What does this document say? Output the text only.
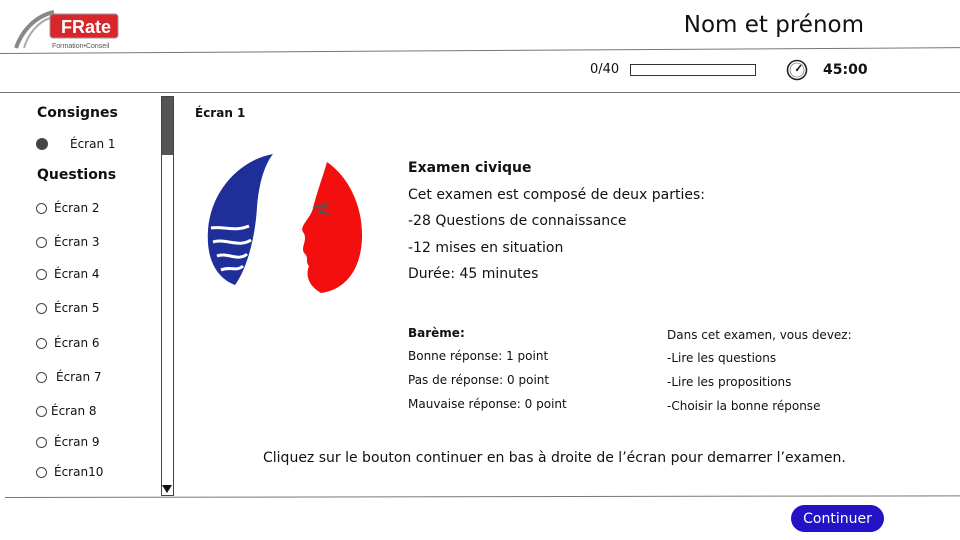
FRate
Formation•Conseil
Nom et prénom
0/40	45:00
Consignes
Écran 1
Questions
Écran 2
Écran 3
Écran 4
Écran 5
Écran 6
Écran 7
Écran 8
Écran 9
Écran10
Écran 1
Examen civique
Cet examen est composé de deux parties:
-28 Questions de connaissance
-12 mises en situation
Durée: 45 minutes
Barème:
Bonne réponse: 1 point
Pas de réponse: 0 point
Mauvaise réponse: 0 point
Dans cet examen, vous devez:
-Lire les questions
-Lire les propositions
-Choisir la bonne réponse
Cliquez sur le bouton continuer en bas à droite de l’écran pour demarrer l’examen.
Continuer
